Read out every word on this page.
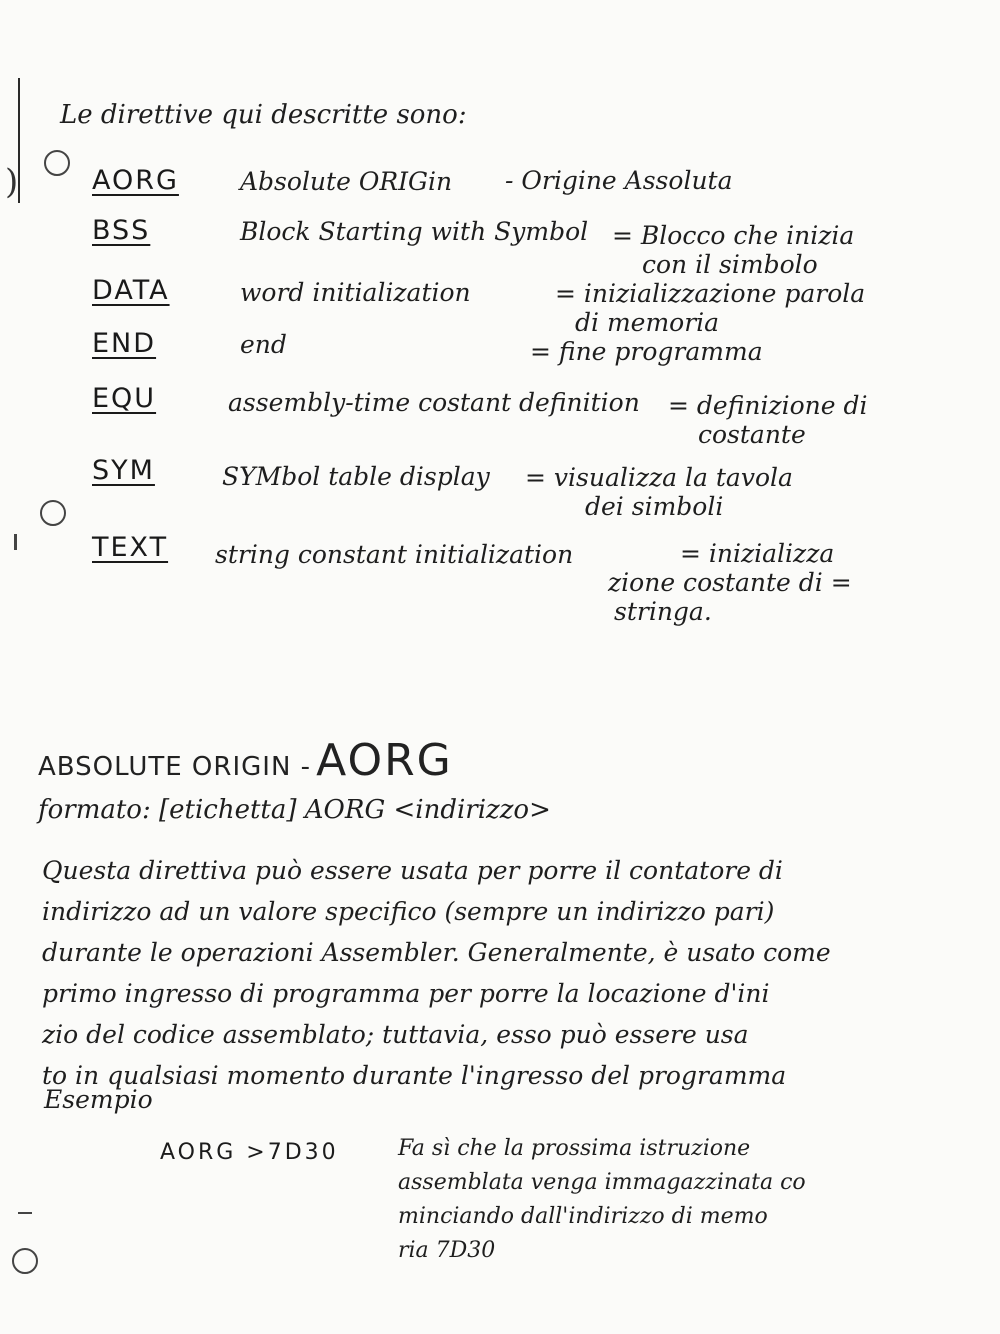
)
Le direttive qui descritte sono:
AORG Absolute ORIGin - Origine Assoluta
BSS	Block Starting with Symbol = Blocco che inizia
con il simbolo
DATA	word initialization	= inizializzazione parola
di memoria
END	end	= fine programma
EQU	assembly-time costant definition = definizione di
costante
SYM	SYMbol table display = visualizza la tavola
dei simboli
TEXT string constant initialization	= inizializza
zione costante di =
stringa.
ABSOLUTE ORIGIN - AORG
formato: [etichetta] AORG <indirizzo>
Questa direttiva può essere usata per porre il contatore di
indirizzo ad un valore specifico (sempre un indirizzo pari)
durante le operazioni Assembler. Generalmente, è usato come
primo ingresso di programma per porre la locazione d'ini
zio del codice assemblato; tuttavia, esso può essere usa
to in qualsiasi momento durante l'ingresso del programma
Esempio
AORG >7D30	Fa sì che la prossima istruzione
assemblata venga immagazzinata co
minciando dall'indirizzo di memo
ria 7D30
